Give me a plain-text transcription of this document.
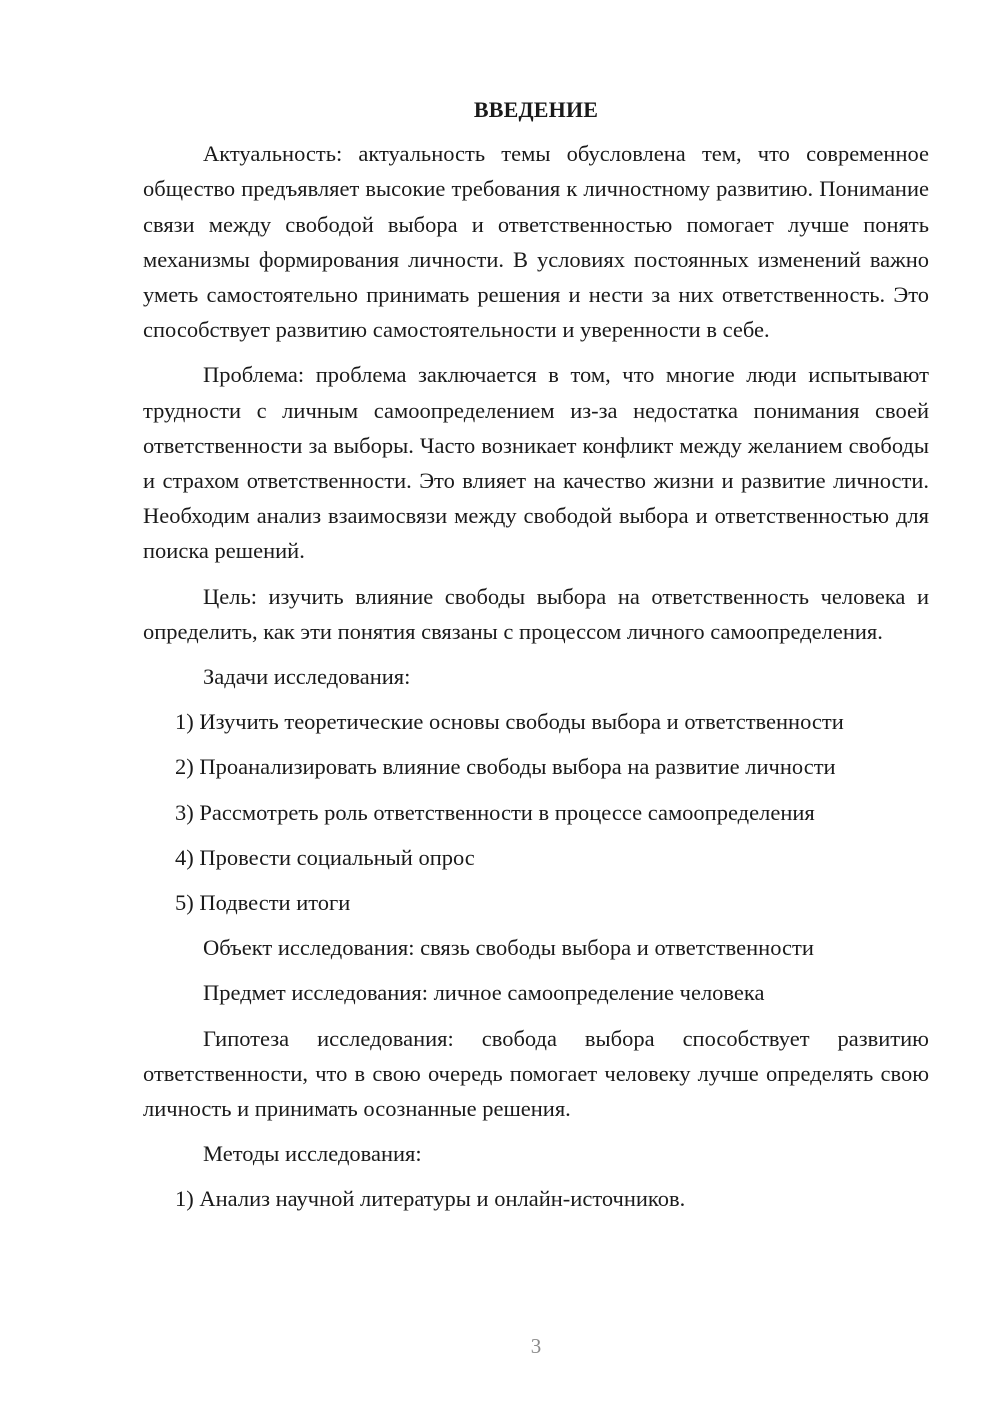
ВВЕДЕНИЕ

Актуальность: актуальность темы обусловлена тем, что современное общество предъявляет высокие требования к личностному развитию. Понимание связи между свободой выбора и ответственностью помогает лучше понять механизмы формирования личности. В условиях постоянных изменений важно уметь самостоятельно принимать решения и нести за них ответственность. Это способствует развитию самостоятельности и уверенности в себе.

Проблема: проблема заключается в том, что многие люди испытывают трудности с личным самоопределением из-за недостатка понимания своей ответственности за выборы. Часто возникает конфликт между желанием свободы и страхом ответственности. Это влияет на качество жизни и развитие личности. Необходим анализ взаимосвязи между свободой выбора и ответственностью для поиска решений.

Цель: изучить влияние свободы выбора на ответственность человека и определить, как эти понятия связаны с процессом личного самоопределения.

Задачи исследования:

1) Изучить теоретические основы свободы выбора и ответственности

2) Проанализировать влияние свободы выбора на развитие личности

3) Рассмотреть роль ответственности в процессе самоопределения

4) Провести социальный опрос

5) Подвести итоги

Объект исследования: связь свободы выбора и ответственности

Предмет исследования: личное самоопределение человека

Гипотеза исследования: свобода выбора способствует развитию ответственности, что в свою очередь помогает человеку лучше определять свою личность и принимать осознанные решения.

Методы исследования:

1) Анализ научной литературы и онлайн-источников.

3
